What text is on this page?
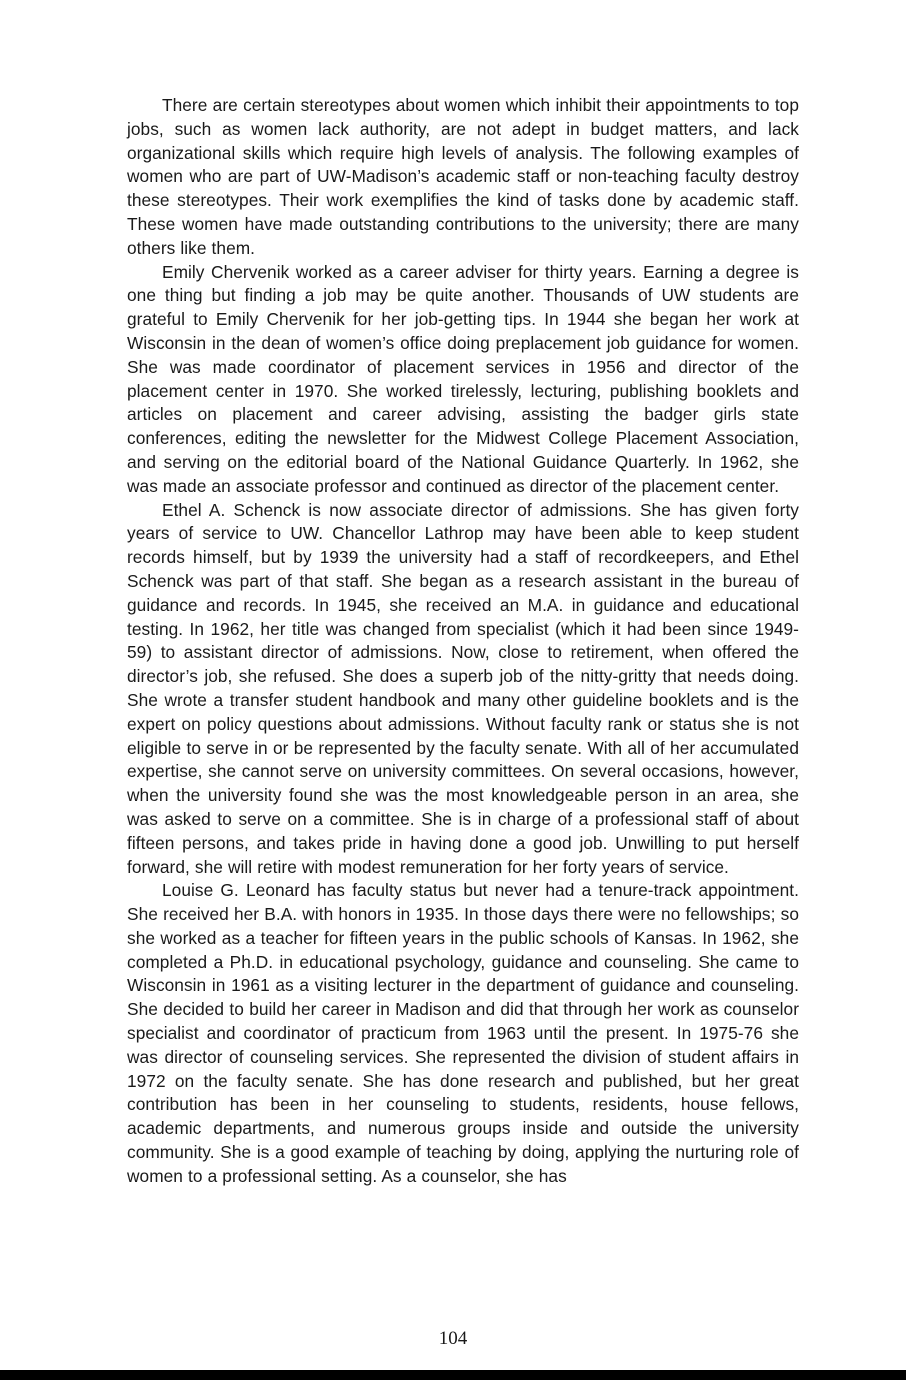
There are certain stereotypes about women which inhibit their appointments to top jobs, such as women lack authority, are not adept in budget matters, and lack organizational skills which require high levels of analysis. The following examples of women who are part of UW-Madison’s academic staff or non-teaching faculty destroy these stereotypes. Their work exemplifies the kind of tasks done by academic staff. These women have made outstanding contributions to the university; there are many others like them.

Emily Chervenik worked as a career adviser for thirty years. Earning a degree is one thing but finding a job may be quite another. Thousands of UW students are grateful to Emily Chervenik for her job-getting tips. In 1944 she began her work at Wisconsin in the dean of women’s office doing preplacement job guidance for women. She was made coordinator of placement services in 1956 and director of the placement center in 1970. She worked tirelessly, lecturing, publishing booklets and articles on placement and career advising, assisting the badger girls state conferences, editing the newsletter for the Midwest College Placement Association, and serving on the editorial board of the National Guidance Quarterly. In 1962, she was made an associate professor and continued as director of the placement center.

Ethel A. Schenck is now associate director of admissions. She has given forty years of service to UW. Chancellor Lathrop may have been able to keep student records himself, but by 1939 the university had a staff of recordkeepers, and Ethel Schenck was part of that staff. She began as a research assistant in the bureau of guidance and records. In 1945, she received an M.A. in guidance and educational testing. In 1962, her title was changed from specialist (which it had been since 1949-59) to assistant director of admissions. Now, close to retirement, when offered the director’s job, she refused. She does a superb job of the nitty-gritty that needs doing. She wrote a transfer student handbook and many other guideline booklets and is the expert on policy questions about admissions. Without faculty rank or status she is not eligible to serve in or be represented by the faculty senate. With all of her accumulated expertise, she cannot serve on university committees. On several occasions, however, when the university found she was the most knowledgeable person in an area, she was asked to serve on a committee. She is in charge of a professional staff of about fifteen persons, and takes pride in having done a good job. Unwilling to put herself forward, she will retire with modest remuneration for her forty years of service.

Louise G. Leonard has faculty status but never had a tenure-track appointment. She received her B.A. with honors in 1935. In those days there were no fellowships; so she worked as a teacher for fifteen years in the public schools of Kansas. In 1962, she completed a Ph.D. in educational psychology, guidance and counseling. She came to Wisconsin in 1961 as a visiting lecturer in the department of guidance and counseling. She decided to build her career in Madison and did that through her work as counselor specialist and coordinator of practicum from 1963 until the present. In 1975-76 she was director of counseling services. She represented the division of student affairs in 1972 on the faculty senate. She has done research and published, but her great contribution has been in her counseling to students, residents, house fellows, academic departments, and numerous groups inside and outside the university community. She is a good example of teaching by doing, applying the nurturing role of women to a professional setting. As a counselor, she has

104
